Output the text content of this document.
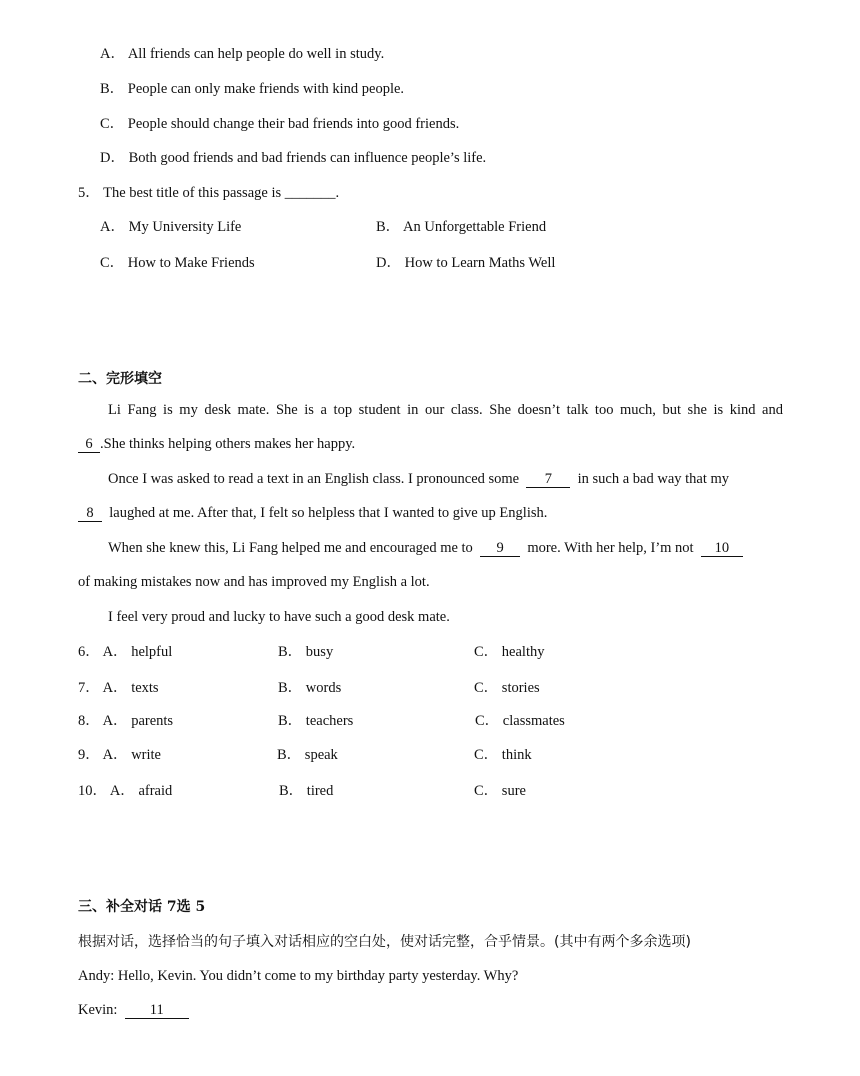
A． All friends can help people do well in study.
B． People can only make friends with kind people.
C． People should change their bad friends into good friends.
D． Both good friends and bad friends can influence people’s life.
5． The best title of this passage is _______.
A． My University Life	B． An Unforgettable Friend
C． How to Make Friends	D． How to Learn Maths Well
二、完形填空
Li Fang is my desk mate. She is a top student in our class. She doesn’t talk too much, but she is kind and
6 .She thinks helping others makes her happy.
Once I was asked to read a text in an English class. I pronounced some 7 in such a bad way that my
8 laughed at me. After that, I felt so helpless that I wanted to give up English.
When she knew this, Li Fang helped me and encouraged me to 9 more. With her help, I’m not 10
of making mistakes now and has improved my English a lot.
I feel very proud and lucky to have such a good desk mate.
6． A． helpful	B． busy	C． healthy
7． A． texts	B． words	C． stories
8． A． parents	B． teachers	C． classmates
9． A． write	B． speak	C． think
10． A． afraid	B． tired	C． sure
三、补全对话 7选 5
根据对话，选择恰当的句子填入对话相应的空白处，使对话完整，合乎情景。(其中有两个多余选项)
Andy: Hello, Kevin. You didn’t come to my birthday party yesterday. Why?
Kevin: 11
